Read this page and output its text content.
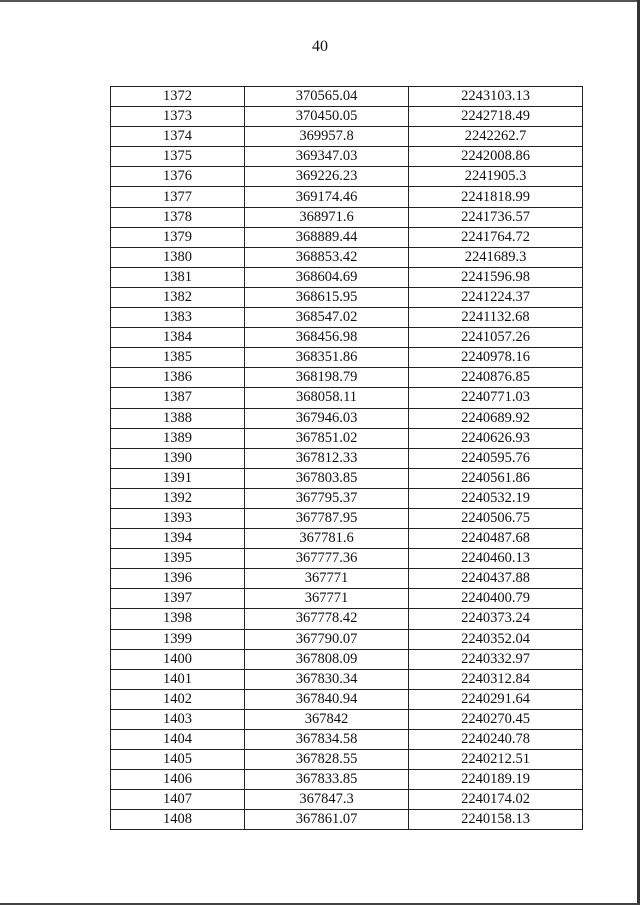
40
1372	370565.04	2243103.13
1373	370450.05	2242718.49
1374	369957.8	2242262.7
1375	369347.03	2242008.86
1376	369226.23	2241905.3
1377	369174.46	2241818.99
1378	368971.6	2241736.57
1379	368889.44	2241764.72
1380	368853.42	2241689.3
1381	368604.69	2241596.98
1382	368615.95	2241224.37
1383	368547.02	2241132.68
1384	368456.98	2241057.26
1385	368351.86	2240978.16
1386	368198.79	2240876.85
1387	368058.11	2240771.03
1388	367946.03	2240689.92
1389	367851.02	2240626.93
1390	367812.33	2240595.76
1391	367803.85	2240561.86
1392	367795.37	2240532.19
1393	367787.95	2240506.75
1394	367781.6	2240487.68
1395	367777.36	2240460.13
1396	367771	2240437.88
1397	367771	2240400.79
1398	367778.42	2240373.24
1399	367790.07	2240352.04
1400	367808.09	2240332.97
1401	367830.34	2240312.84
1402	367840.94	2240291.64
1403	367842	2240270.45
1404	367834.58	2240240.78
1405	367828.55	2240212.51
1406	367833.85	2240189.19
1407	367847.3	2240174.02
1408	367861.07	2240158.13
